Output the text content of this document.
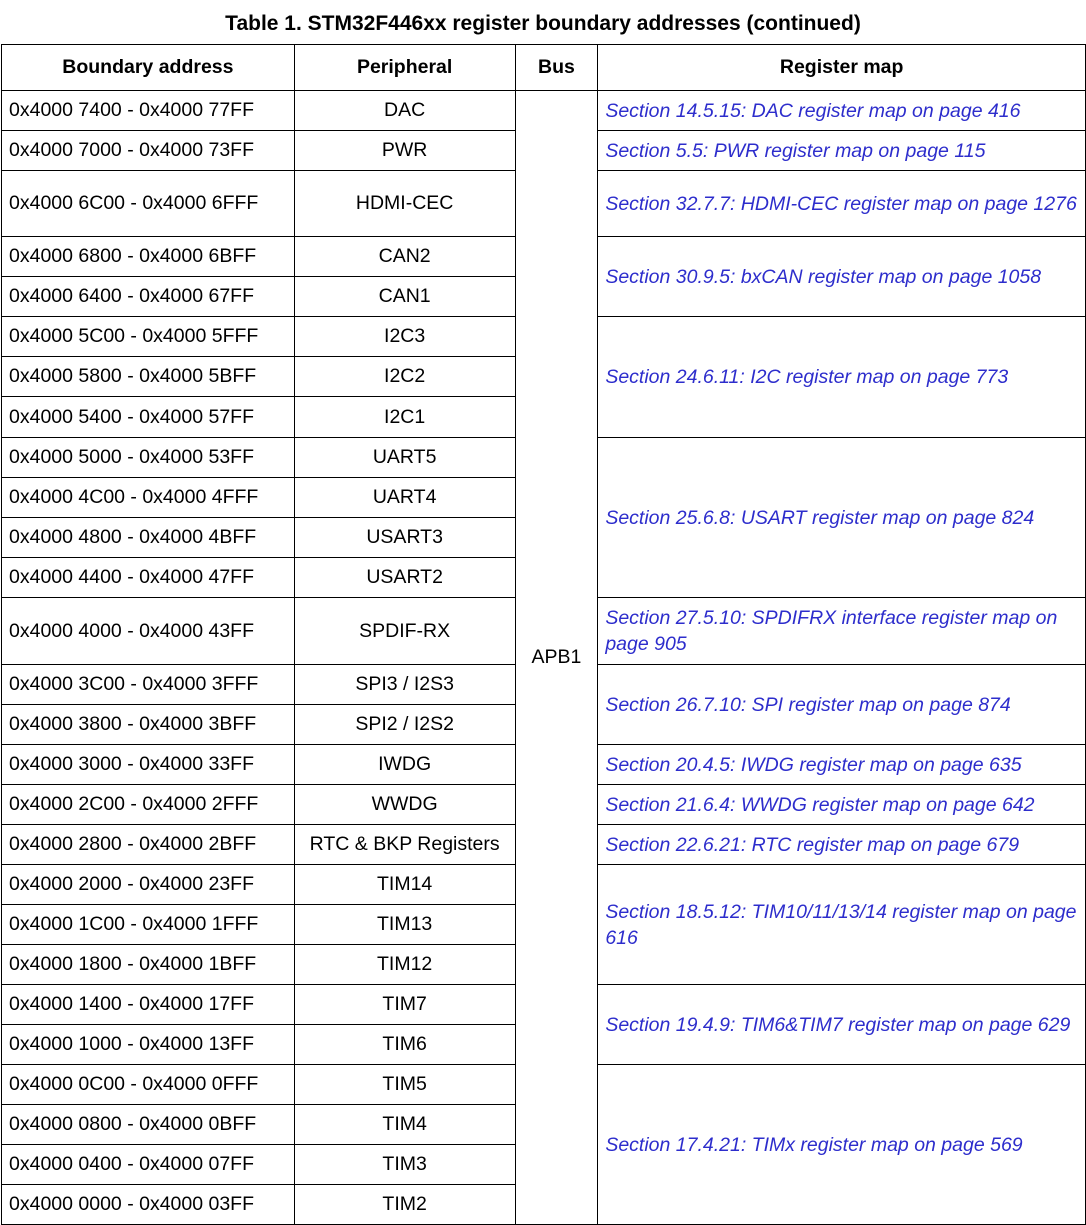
Table 1. STM32F446xx register boundary addresses (continued)
Boundary address	Peripheral	Bus	Register map
0x4000 7400 - 0x4000 77FF	DAC	APB1	Section 14.5.15: DAC register map on page 416
0x4000 7000 - 0x4000 73FF	PWR		Section 5.5: PWR register map on page 115
0x4000 6C00 - 0x4000 6FFF	HDMI-CEC		Section 32.7.7: HDMI-CEC register map on page 1276
0x4000 6800 - 0x4000 6BFF	CAN2		Section 30.9.5: bxCAN register map on page 1058
0x4000 6400 - 0x4000 67FF	CAN1		
0x4000 5C00 - 0x4000 5FFF	I2C3		Section 24.6.11: I2C register map on page 773
0x4000 5800 - 0x4000 5BFF	I2C2		
0x4000 5400 - 0x4000 57FF	I2C1		
0x4000 5000 - 0x4000 53FF	UART5		Section 25.6.8: USART register map on page 824
0x4000 4C00 - 0x4000 4FFF	UART4		
0x4000 4800 - 0x4000 4BFF	USART3		
0x4000 4400 - 0x4000 47FF	USART2		
0x4000 4000 - 0x4000 43FF	SPDIF-RX		Section 27.5.10: SPDIFRX interface register map on page 905
0x4000 3C00 - 0x4000 3FFF	SPI3 / I2S3		Section 26.7.10: SPI register map on page 874
0x4000 3800 - 0x4000 3BFF	SPI2 / I2S2		
0x4000 3000 - 0x4000 33FF	IWDG		Section 20.4.5: IWDG register map on page 635
0x4000 2C00 - 0x4000 2FFF	WWDG		Section 21.6.4: WWDG register map on page 642
0x4000 2800 - 0x4000 2BFF	RTC & BKP Registers		Section 22.6.21: RTC register map on page 679
0x4000 2000 - 0x4000 23FF	TIM14		Section 18.5.12: TIM10/11/13/14 register map on page 616
0x4000 1C00 - 0x4000 1FFF	TIM13		
0x4000 1800 - 0x4000 1BFF	TIM12		
0x4000 1400 - 0x4000 17FF	TIM7		Section 19.4.9: TIM6&TIM7 register map on page 629
0x4000 1000 - 0x4000 13FF	TIM6		
0x4000 0C00 - 0x4000 0FFF	TIM5		Section 17.4.21: TIMx register map on page 569
0x4000 0800 - 0x4000 0BFF	TIM4		
0x4000 0400 - 0x4000 07FF	TIM3		
0x4000 0000 - 0x4000 03FF	TIM2		
